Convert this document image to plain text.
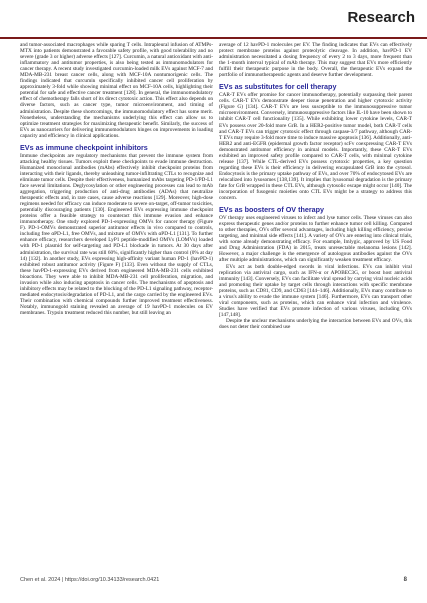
Research

and tumor-associated macrophages while sparing T cells. Intrapleural infusion of ATMPs-MTX into patients demonstrated a favorable safety profile, with good tolerability and no severe (grade 3 or higher) adverse effects [127]. Curcumin, a natural antioxidant with anti-inflammatory and antitumor properties, is also being tested as immunomodulators for cancer therapy. A recent study investigated curcumin-loaded milk EVs against MCF-7 and MDA-MB-231 breast cancer cells, along with MCF-10A nontumorigenic cells. The findings indicated that curcumin specifically inhibited cancer cell proliferation by approximately 3-fold while showing minimal effect on MCF-10A cells, highlighting their potential for safe and effective cancer treatment [128]. In general, the immunomodulatory effect of chemotherapy falls short of its direct cytotoxic action. This effect also depends on diverse factors, such as cancer type, tumor microenvironment, and timing of administration. Despite these shortcomings, the immunomodulatory effect has some merit. Nonetheless, understanding the mechanisms underlying this effect can allow us to optimize treatment strategies for maximizing therapeutic benefit. Similarly, the success of EVs as nanocarriers for delivering immunomodulators hinges on improvements in loading capacity and efficiency in clinical applications.

EVs as immune checkpoint inhibitors

Immune checkpoints are regulatory mechanisms that prevent the immune system from attacking healthy tissues. Tumors exploit these checkpoints to evade immune destruction. Humanized monoclonal antibodies (mAbs) effectively inhibit checkpoint proteins from interacting with their ligands, thereby unleashing tumor-infiltrating CTLs to recognize and eliminate tumor cells. Despite their effectiveness, humanized mAbs targeting PD-1/PD-L1 face several limitations. Deglycosylation or other engineering processes can lead to mAb aggregation, triggering production of anti-drug antibodies (ADAs) that neutralize therapeutic effects and, in rare cases, cause adverse reactions [129]. Moreover, high-dose regimens needed for efficacy can induce moderate to severe on-target, off-tumor toxicities, potentially discouraging patients [130]. Engineered EVs expressing immune checkpoint proteins offer a feasible strategy to counteract this immune evasion and enhance immunotherapy. One study explored PD-1-expressing OMVs for cancer therapy (Figure F). PD-1-OMVs demonstrated superior antitumor effects in vivo compared to controls, including free αPD-L1, free OMVs, and mixture of OMVs with αPD-L1 [131]. To further enhance efficacy, researchers developed LyP1 peptide-modified OMVs (LOMVs) loaded with PD-1 plasmid for self-targeting and PD-L1 blockade in tumors. At 30 days after administration, the survival rate was still 60%, significantly higher than control (0% at day 14) [132]. In another study, EVs expressing high-affinity variant human PD-1 (havPD-1) exhibited robust antitumor activity (Figure F) [133]. Even without the supply of CTLs, these havPD-1-expressing EVs derived from engineered MDA-MB-231 cells exhibited bioactions. They were able to inhibit MDA-MB-231 cell proliferation, migration, and invasion while also inducing apoptosis in cancer cells. The mechanisms of apoptosis and inhibitory effects may be related to the blocking of the PD-L1 signaling pathway, receptor-mediated endocytosis/degradation of PD-L1, and the cargo carried by the engineered EVs. Their combination with chemical compounds further improved treatment effectiveness. Notably, immunogold staining revealed an average of 19 havPD-1 molecules on EV membranes. Trypsin treatment reduced this number, but still leaving an

average of 12 havPD-1 molecules per EV. The finding indicates that EVs can effectively protect membrane proteins against proteolytic cleavage. In addition, havPD-1 EV administration necessitated a dosing frequency of every 2 to 3 days, more frequent than the 1-month interval typical of mAb therapy. This may suggest that EVs more efficiently fulfill their therapeutic purpose in the body. Overall, the therapeutic EVs expand the portfolio of immunotherapeutic agents and deserve further development.

EVs as substitutes for cell therapy

CAR-T EVs offer promise for cancer immunotherapy, potentially surpassing their parent cells. CAR-T EVs demonstrate deeper tissue penetration and higher cytotoxic activity (Figure G) [134]. CAR-T EVs are less susceptible to the immunosuppressive tumor microenvironment. Conversely, immunosuppressive factors like IL-10 have been shown to inhibit CAR-T cell functionality [135]. While exhibiting lower cytokine levels, CAR-T EVs possess over 20-fold more GrB. In a HER2-positive tumor model, both CAR-T cells and CAR-T EVs can trigger cytotoxic effect through caspase-3/7 pathway, although CAR-T EVs may require 3-fold more time to induce massive apoptosis [136]. Additionally, anti-HER2 and anti-EGFR (epidermal growth factor receptor) scFv coexpressing CAR-T EVs demonstrated antitumor efficiency in animal models. Importantly, these CAR-T EVs exhibited an improved safety profile compared to CAR-T cells, with minimal cytokine release [137]. While CTL-derived EVs possess cytotoxic properties, a key question regarding these EVs is their efficiency in delivering encapsulated GrB into the cytosol. Endocytosis is the primary uptake pathway of EVs, and over 70% of endocytosed EVs are relocalized into lysosomes [138,139]. It implies that lysosomal degradation is the primary fate for GrB wrapped in these CTL EVs, although cytosolic escape might occur [140]. The incorporation of fusogenic moieties onto CTL EVs might be a strategy to address this concern.

EVs as boosters of OV therapy

OV therapy uses engineered viruses to infect and lyse tumor cells. These viruses can also express therapeutic genes and/or proteins to further enhance tumor cell killing. Compared to other therapies, OVs offer several advantages, including high killing efficiency, precise targeting, and minimal side effects [141]. A variety of OVs are entering into clinical trials, with some already demonstrating efficacy. For example, Imlygic, approved by US Food and Drug Administration (FDA) in 2015, treats unresectable melanoma lesions [142]. However, a major challenge is the emergence of autologous antibodies against the OVs after multiple administrations, which can significantly weaken treatment efficacy.

EVs act as both double-edged swords in viral infections. EVs can inhibit viral replication via antiviral cargo, such as IFN-α or APOBEC3G, or boost host antiviral immunity [143]. Conversely, EVs can facilitate viral spread by carrying viral nucleic acids and promoting their uptake by target cells through interactions with specific membrane proteins, such as CD81, CD9, and CD63 [144–146]. Additionally, EVs many contribute to a virus's ability to evade the immune system [146]. Furthermore, EVs can transport other viral components, such as proteins, which can enhance viral infection and virulence. Studies have verified that EVs promote infection of various viruses, including OVs [147,148].

Despite the unclear mechanisms underlying the interaction between EVs and OVs, this does not deter their combined use

Chen et al. 2024 | https://doi.org/10.34133/research.0421	8
